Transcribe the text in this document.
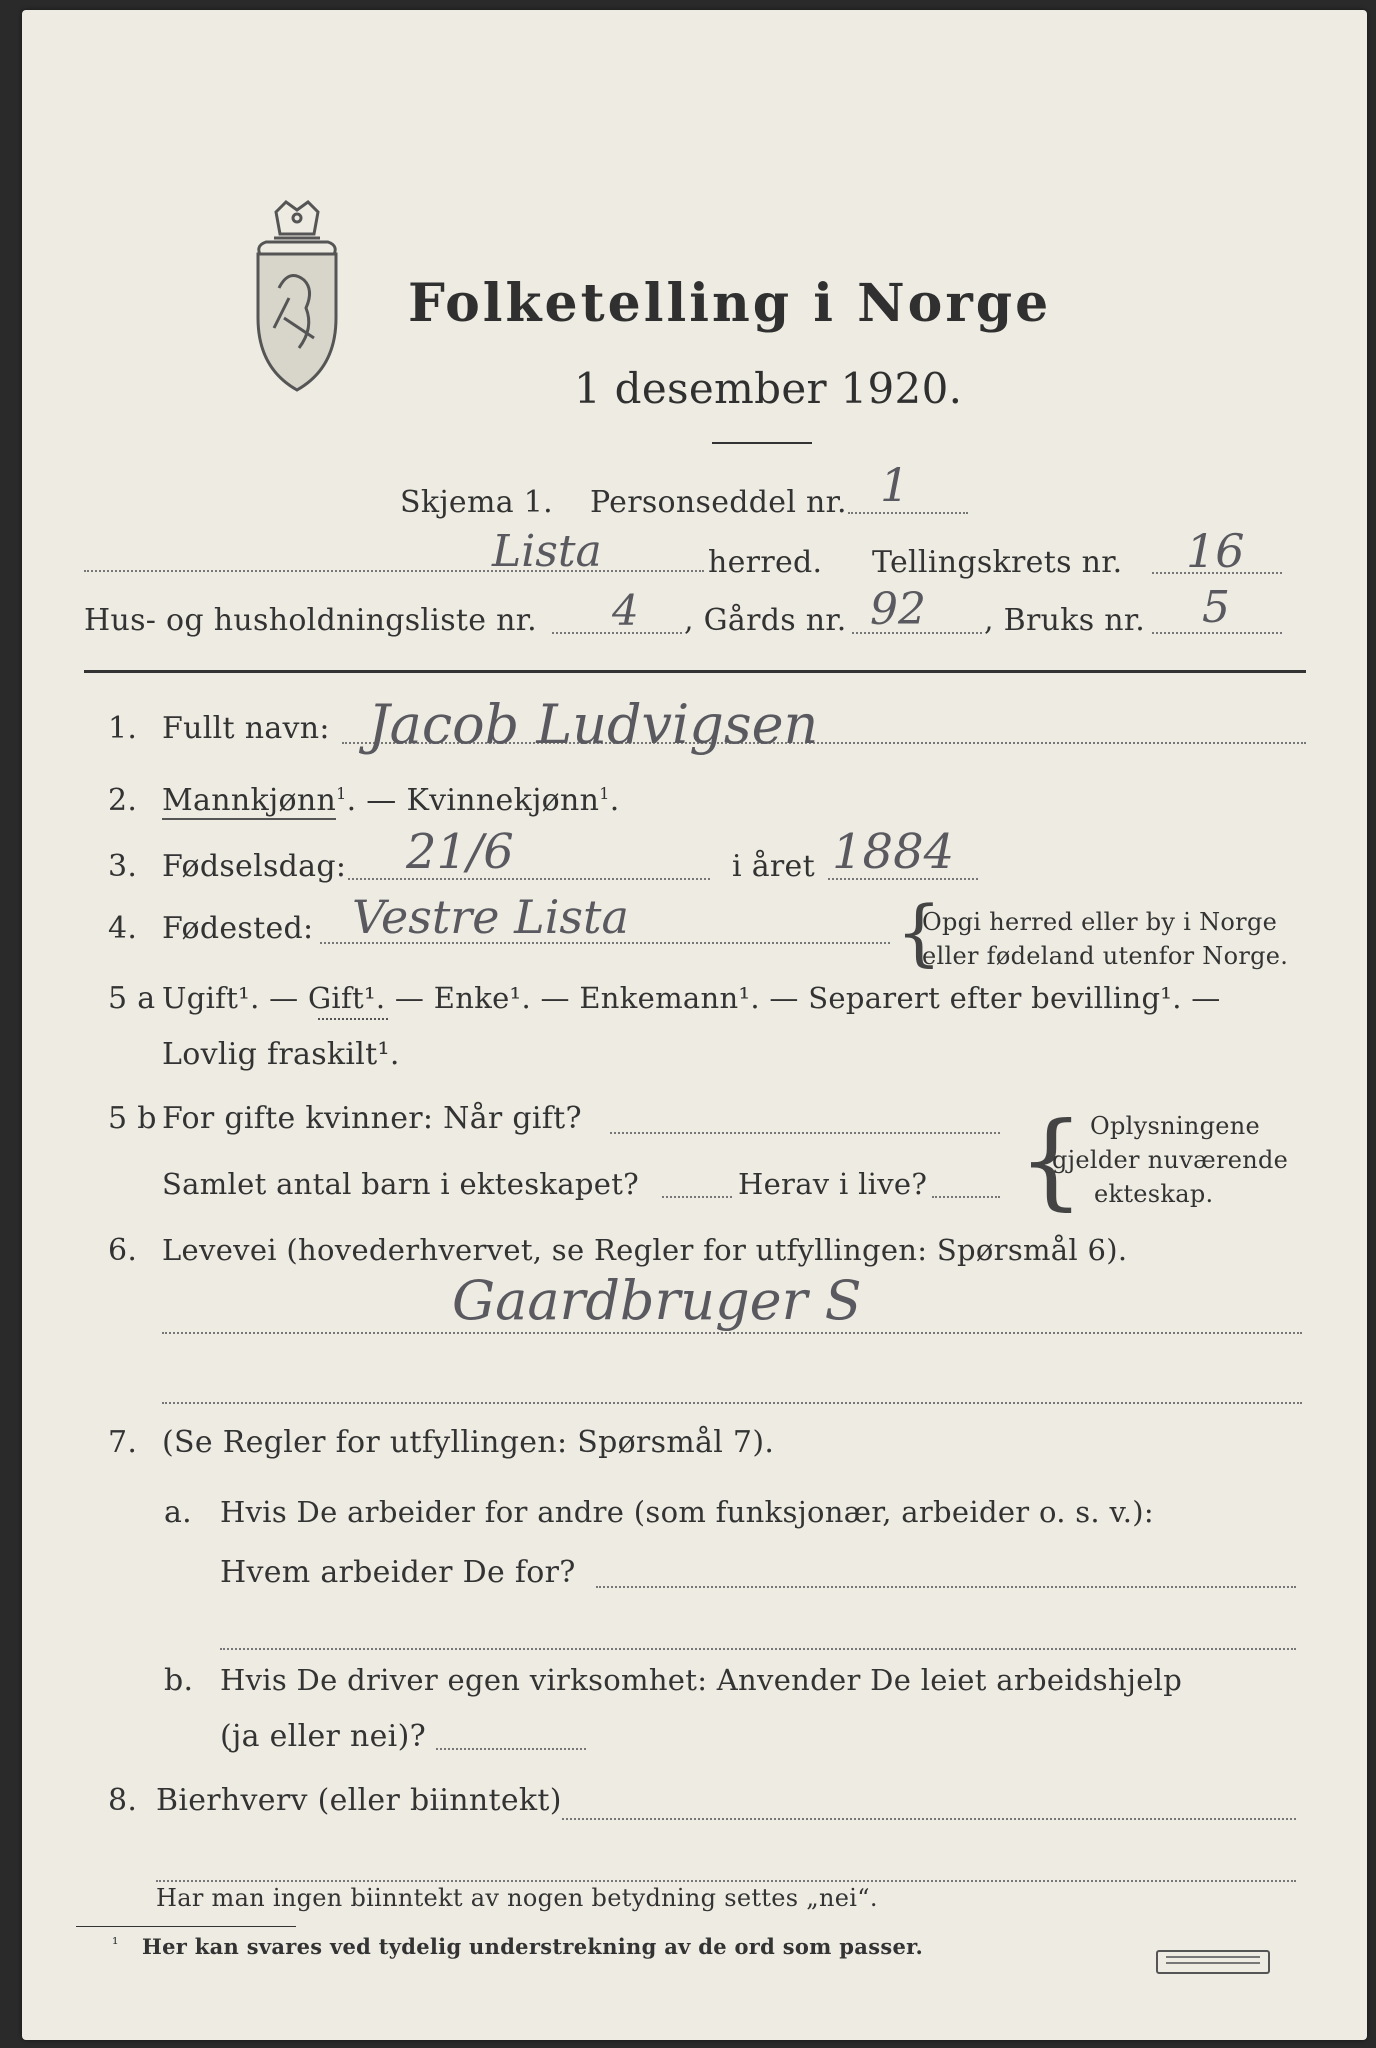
Folketelling i Norge
1 desember 1920.
Skjema 1. Personseddel nr. 1
Lista	herred. Tellingskrets nr. 16
Hus- og husholdningsliste nr. 4 , Gårds nr. 92 , Bruks nr. 5
1. Fullt navn: Jacob Ludvigsen
2. Mannkjønn$^1$. — Kvinnekjønn$^1$.
3. Fødselsdag: 21/6	i året 1884
4. Fødested: Vestre Lista	{
Opgi herred eller by i Norge
eller fødeland utenfor Norge.
5 a Ugift¹. — Gift¹. — Enke¹. — Enkemann¹. — Separert efter bevilling¹. —
Lovlig fraskilt¹.
5 b For gifte kvinner: Når gift?
Samlet antal barn i ekteskapet?	Herav i live? { Oplysningene
gjelder nuværende
ekteskap.
6. Levevei (hovederhvervet, se Regler for utfyllingen: Spørsmål 6).
Gaardbruger S
7. (Se Regler for utfyllingen: Spørsmål 7).
a. Hvis De arbeider for andre (som funksjonær, arbeider o. s. v.):
Hvem arbeider De for?
b. Hvis De driver egen virksomhet: Anvender De leiet arbeidshjelp
(ja eller nei)?
8. Bierhverv (eller biinntekt)
Har man ingen biinntekt av nogen betydning settes „nei“.
¹ Her kan svares ved tydelig understrekning av de ord som passer.
